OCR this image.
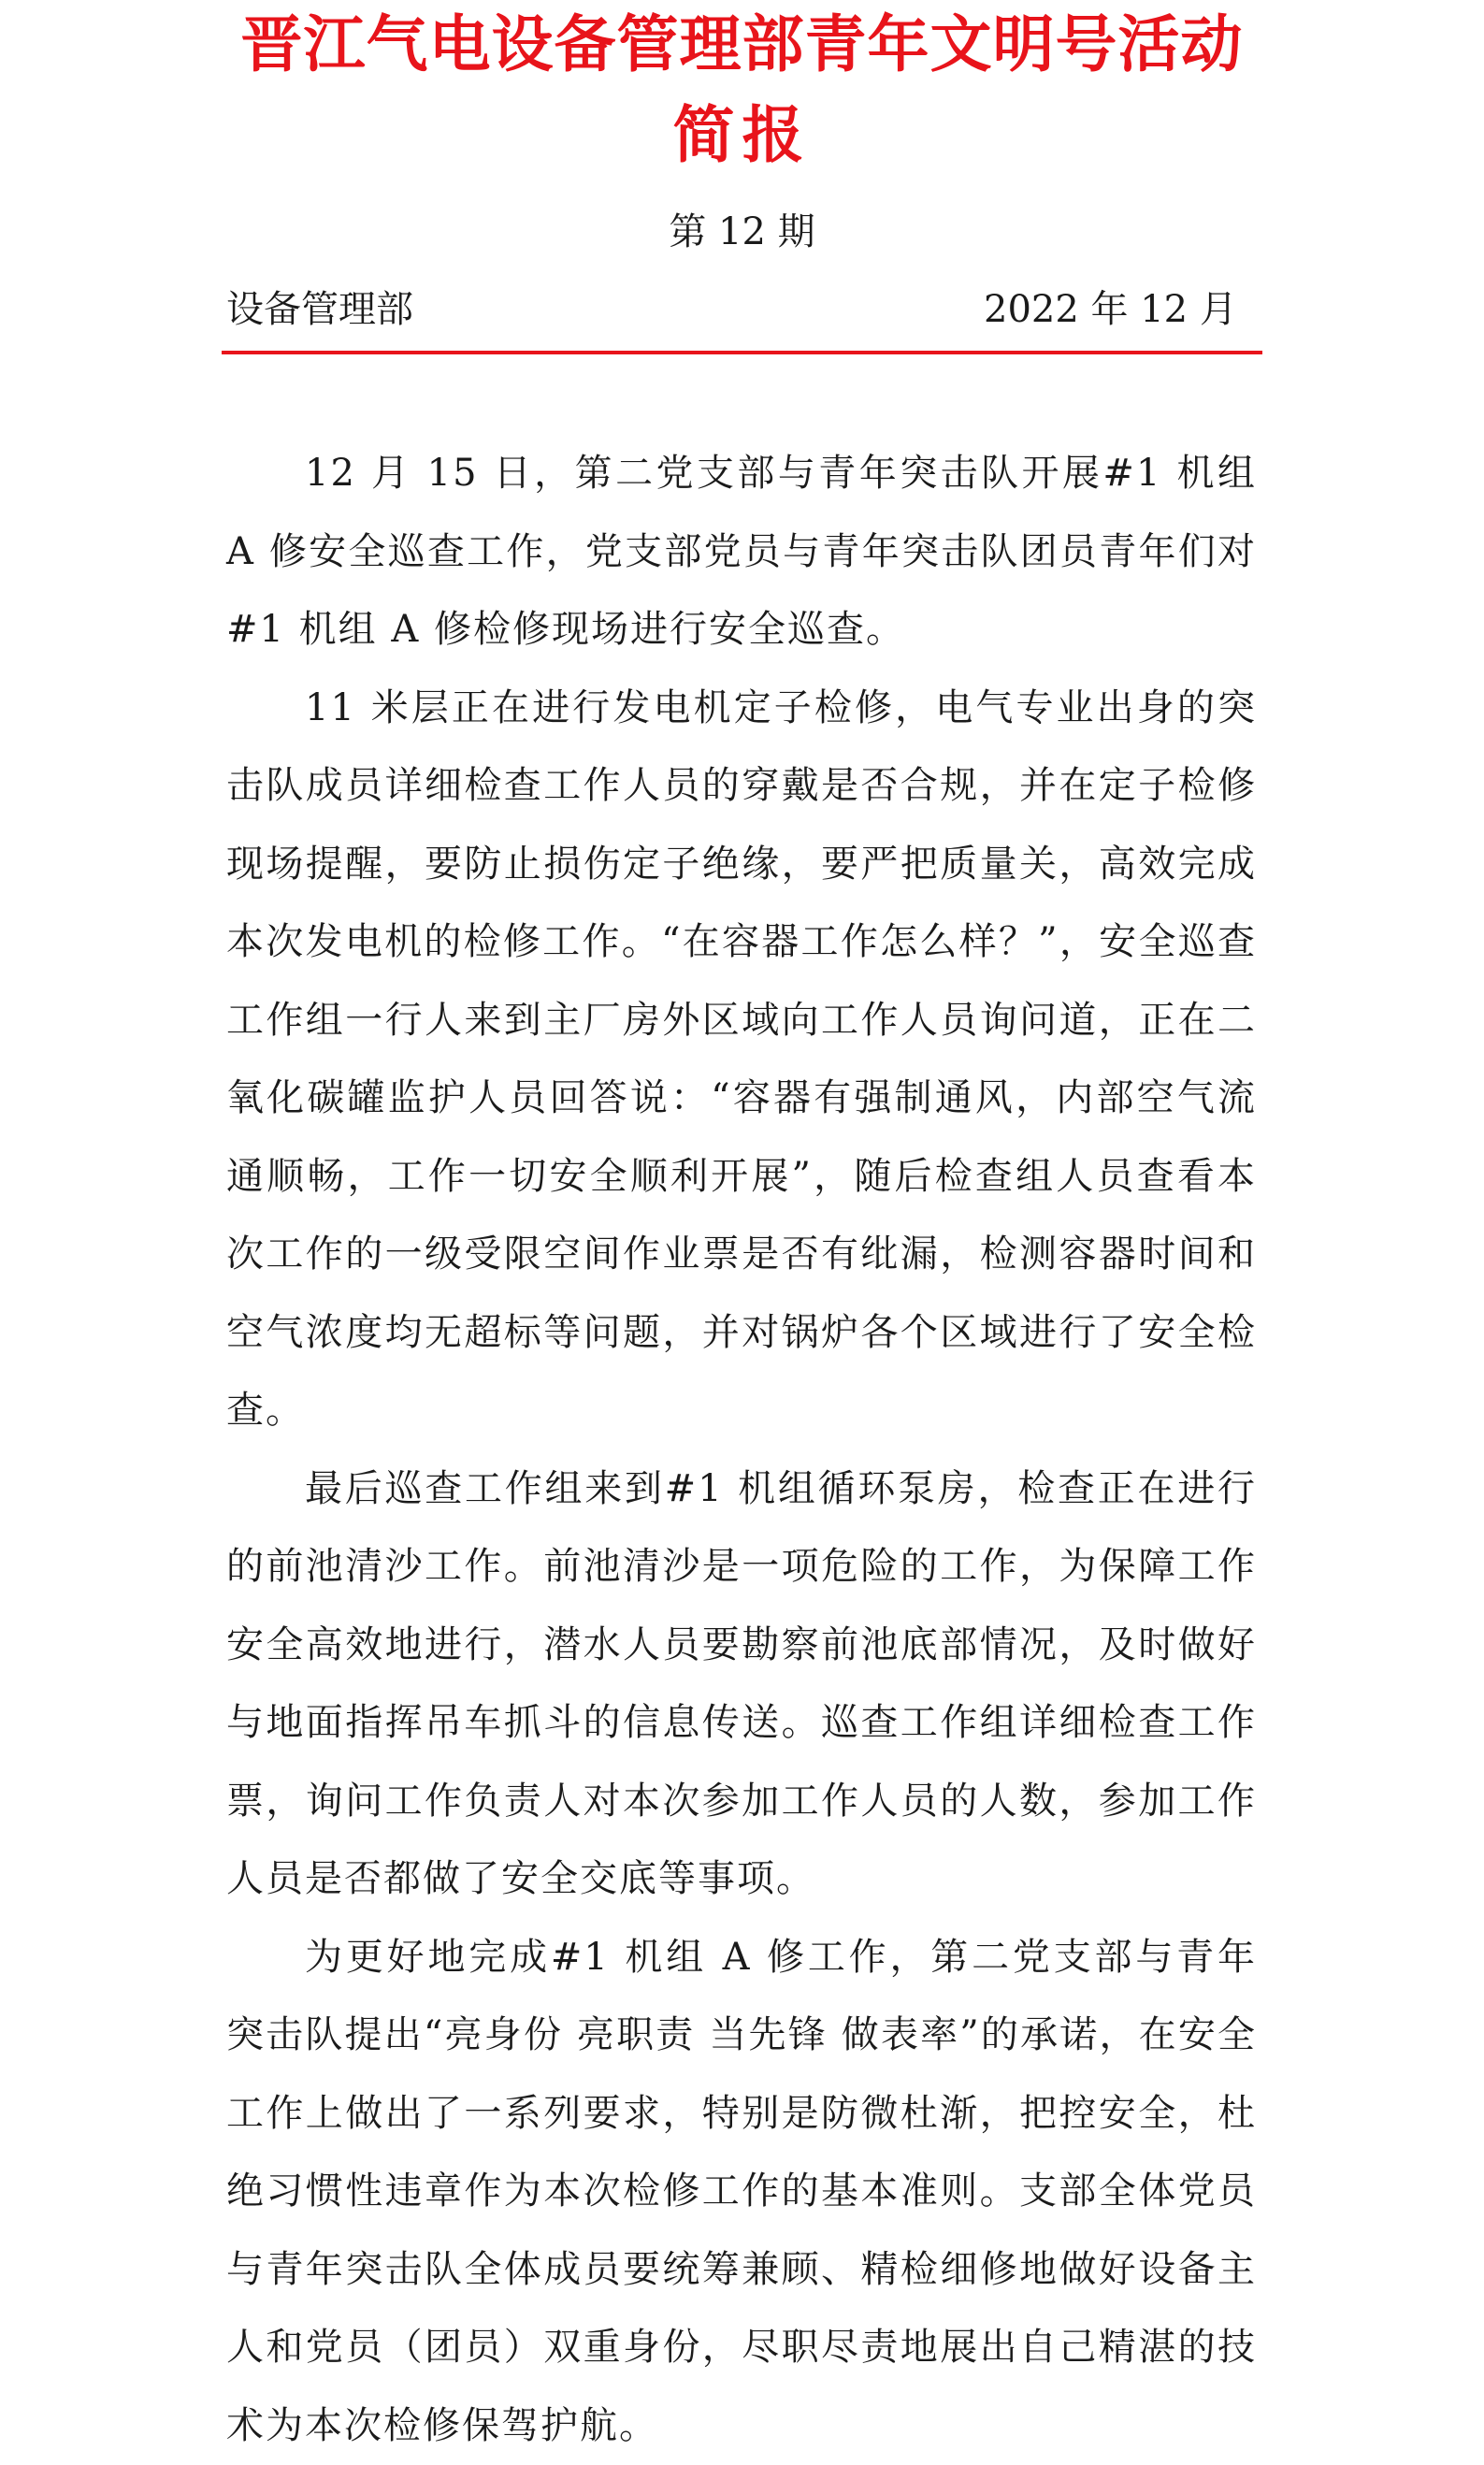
晋江气电设备管理部青年文明号活动
简报
第 12 期
设备管理部	2022 年 12 月

12 月 15 日，第二党支部与青年突击队开展#1 机组 A 修安全巡查工作，党支部党员与青年突击队团员青年们对#1 机组 A 修检修现场进行安全巡查。

11 米层正在进行发电机定子检修，电气专业出身的突击队成员详细检查工作人员的穿戴是否合规，并在定子检修现场提醒，要防止损伤定子绝缘，要严把质量关，高效完成本次发电机的检修工作。“在容器工作怎么样？”，安全巡查工作组一行人来到主厂房外区域向工作人员询问道，正在二氧化碳罐监护人员回答说：“容器有强制通风，内部空气流通顺畅，工作一切安全顺利开展”，随后检查组人员查看本次工作的一级受限空间作业票是否有纰漏，检测容器时间和空气浓度均无超标等问题，并对锅炉各个区域进行了安全检查。

最后巡查工作组来到#1 机组循环泵房，检查正在进行的前池清沙工作。前池清沙是一项危险的工作，为保障工作安全高效地进行，潜水人员要勘察前池底部情况，及时做好与地面指挥吊车抓斗的信息传送。巡查工作组详细检查工作票，询问工作负责人对本次参加工作人员的人数，参加工作人员是否都做了安全交底等事项。

为更好地完成#1 机组 A 修工作，第二党支部与青年突击队提出“亮身份 亮职责 当先锋 做表率”的承诺，在安全工作上做出了一系列要求，特别是防微杜渐，把控安全，杜绝习惯性违章作为本次检修工作的基本准则。支部全体党员与青年突击队全体成员要统筹兼顾、精检细修地做好设备主人和党员（团员）双重身份，尽职尽责地展出自己精湛的技术为本次检修保驾护航。
